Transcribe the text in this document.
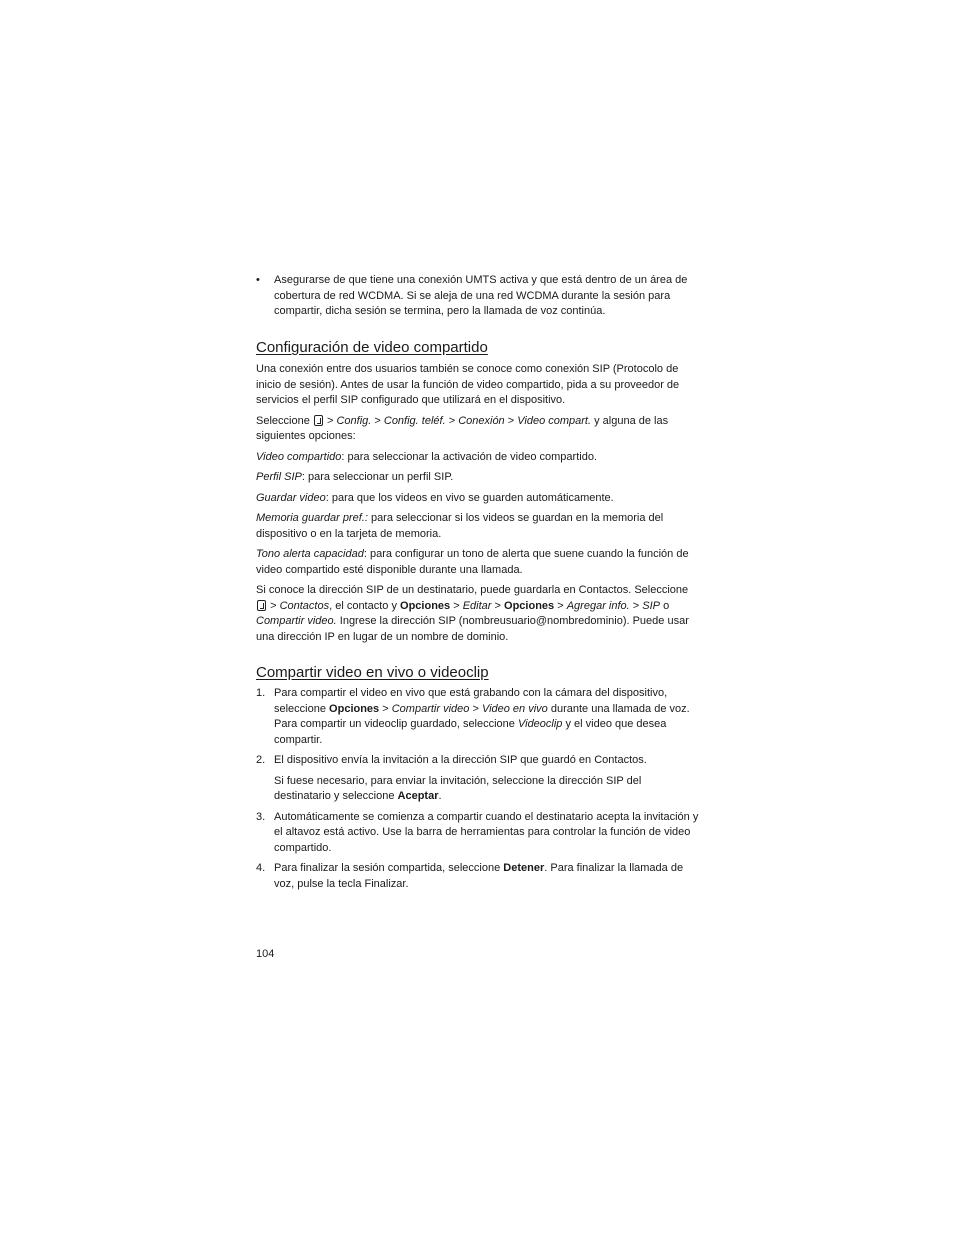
• Asegurarse de que tiene una conexión UMTS activa y que está dentro de un área de cobertura de red WCDMA. Si se aleja de una red WCDMA durante la sesión para compartir, dicha sesión se termina, pero la llamada de voz continúa.

Configuración de video compartido

Una conexión entre dos usuarios también se conoce como conexión SIP (Protocolo de inicio de sesión). Antes de usar la función de video compartido, pida a su proveedor de servicios el perfil SIP configurado que utilizará en el dispositivo.

Seleccione > Config. > Config. teléf. > Conexión > Video compart. y alguna de las siguientes opciones:

Video compartido: para seleccionar la activación de video compartido.

Perfil SIP: para seleccionar un perfil SIP.

Guardar video: para que los videos en vivo se guarden automáticamente.

Memoria guardar pref.: para seleccionar si los videos se guardan en la memoria del dispositivo o en la tarjeta de memoria.

Tono alerta capacidad: para configurar un tono de alerta que suene cuando la función de video compartido esté disponible durante una llamada.

Si conoce la dirección SIP de un destinatario, puede guardarla en Contactos. Seleccione  > Contactos, el contacto y Opciones > Editar > Opciones > Agregar info. > SIP o Compartir video. Ingrese la dirección SIP (nombreusuario@nombredominio). Puede usar una dirección IP en lugar de un nombre de dominio.

Compartir video en vivo o videoclip
1. Para compartir el video en vivo que está grabando con la cámara del dispositivo, seleccione Opciones > Compartir video > Video en vivo durante una llamada de voz. Para compartir un videoclip guardado, seleccione Videoclip y el video que desea compartir.
2. El dispositivo envía la invitación a la dirección SIP que guardó en Contactos.

Si fuese necesario, para enviar la invitación, seleccione la dirección SIP del destinatario y seleccione Aceptar.

3. Automáticamente se comienza a compartir cuando el destinatario acepta la invitación y el altavoz está activo. Use la barra de herramientas para controlar la función de video compartido.
4. Para finalizar la sesión compartida, seleccione Detener. Para finalizar la llamada de voz, pulse la tecla Finalizar.
104
